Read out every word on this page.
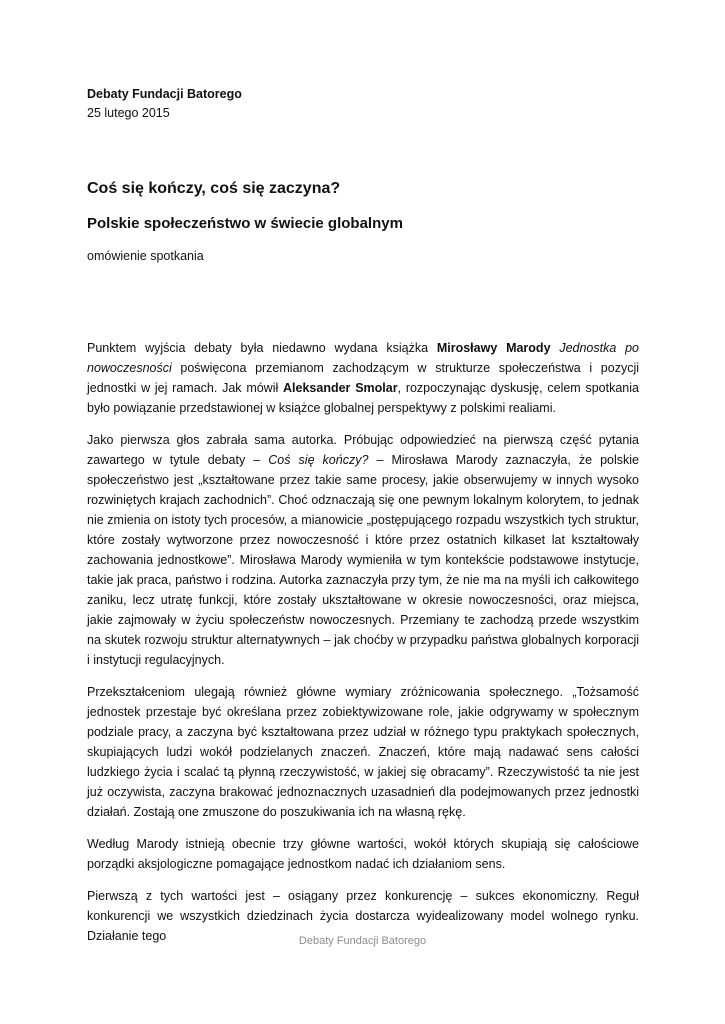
Debaty Fundacji Batorego

25 lutego 2015

Coś się kończy, coś się zaczyna?
Polskie społeczeństwo w świecie globalnym

omówienie spotkania

Punktem wyjścia debaty była niedawno wydana książka Mirosławy Marody Jednostka po nowoczesności poświęcona przemianom zachodzącym w strukturze społeczeństwa i pozycji jednostki w jej ramach. Jak mówił Aleksander Smolar, rozpoczynając dyskusję, celem spotkania było powiązanie przedstawionej w książce globalnej perspektywy z polskimi realiami.

Jako pierwsza głos zabrała sama autorka. Próbując odpowiedzieć na pierwszą część pytania zawartego w tytule debaty – Coś się kończy? – Mirosława Marody zaznaczyła, że polskie społeczeństwo jest „kształtowane przez takie same procesy, jakie obserwujemy w innych wysoko rozwiniętych krajach zachodnich”. Choć odznaczają się one pewnym lokalnym kolorytem, to jednak nie zmienia on istoty tych procesów, a mianowicie „postępującego rozpadu wszystkich tych struktur, które zostały wytworzone przez nowoczesność i które przez ostatnich kilkaset lat kształtowały zachowania jednostkowe”. Mirosława Marody wymieniła w tym kontekście podstawowe instytucje, takie jak praca, państwo i rodzina. Autorka zaznaczyła przy tym, że nie ma na myśli ich całkowitego zaniku, lecz utratę funkcji, które zostały ukształtowane w okresie nowoczesności, oraz miejsca, jakie zajmowały w życiu społeczeństw nowoczesnych. Przemiany te zachodzą przede wszystkim na skutek rozwoju struktur alternatywnych – jak choćby w przypadku państwa globalnych korporacji i instytucji regulacyjnych.

Przekształceniom ulegają również główne wymiary zróżnicowania społecznego. „Tożsamość jednostek przestaje być określana przez zobiektywizowane role, jakie odgrywamy w społecznym podziale pracy, a zaczyna być kształtowana przez udział w różnego typu praktykach społecznych, skupiających ludzi wokół podzielanych znaczeń. Znaczeń, które mają nadawać sens całości ludzkiego życia i scalać tą płynną rzeczywistość, w jakiej się obracamy”. Rzeczywistość ta nie jest już oczywista, zaczyna brakować jednoznacznych uzasadnień dla podejmowanych przez jednostki działań. Zostają one zmuszone do poszukiwania ich na własną rękę.

Według Marody istnieją obecnie trzy główne wartości, wokół których skupiają się całościowe porządki aksjologiczne pomagające jednostkom nadać ich działaniom sens.

Pierwszą z tych wartości jest – osiągany przez konkurencję – sukces ekonomiczny. Reguł konkurencji we wszystkich dziedzinach życia dostarcza wyidealizowany model wolnego rynku. Działanie tego	Debaty Fundacji Batorego
